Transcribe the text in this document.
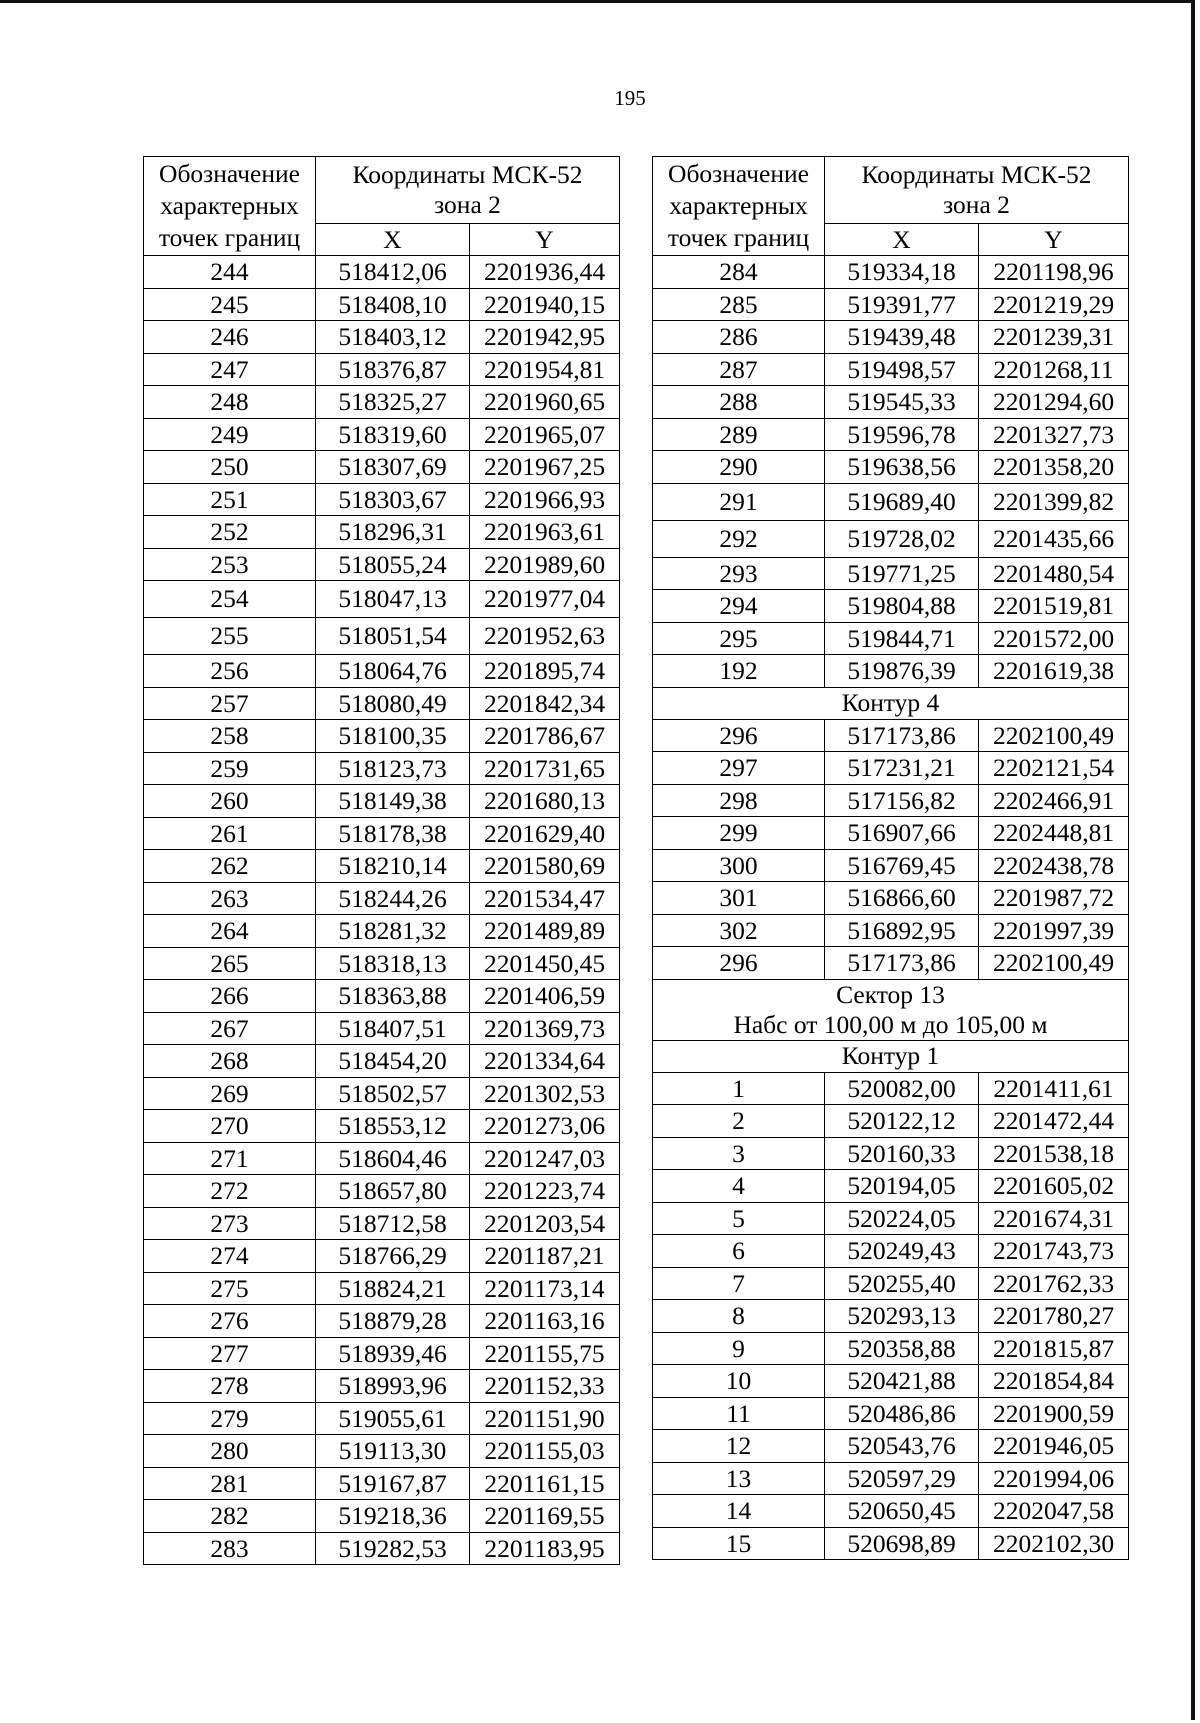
195
Обозначение
характерных
точек границ	Координаты МСК-52
зона 2	

	X	Y
244	518412,06	2201936,44
245	518408,10	2201940,15
246	518403,12	2201942,95
247	518376,87	2201954,81
248	518325,27	2201960,65
249	518319,60	2201965,07
250	518307,69	2201967,25
251	518303,67	2201966,93
252	518296,31	2201963,61
253	518055,24	2201989,60
254	518047,13	2201977,04
255	518051,54	2201952,63
256	518064,76	2201895,74
257	518080,49	2201842,34
258	518100,35	2201786,67
259	518123,73	2201731,65
260	518149,38	2201680,13
261	518178,38	2201629,40
262	518210,14	2201580,69
263	518244,26	2201534,47
264	518281,32	2201489,89
265	518318,13	2201450,45
266	518363,88	2201406,59
267	518407,51	2201369,73
268	518454,20	2201334,64
269	518502,57	2201302,53
270	518553,12	2201273,06
271	518604,46	2201247,03
272	518657,80	2201223,74
273	518712,58	2201203,54
274	518766,29	2201187,21
275	518824,21	2201173,14
276	518879,28	2201163,16
277	518939,46	2201155,75
278	518993,96	2201152,33
279	519055,61	2201151,90
280	519113,30	2201155,03
281	519167,87	2201161,15
282	519218,36	2201169,55
283	519282,53	2201183,95
Обозначение
характерных
точек границ	Координаты МСК-52
зона 2	

	X	Y
284	519334,18	2201198,96
285	519391,77	2201219,29
286	519439,48	2201239,31
287	519498,57	2201268,11
288	519545,33	2201294,60
289	519596,78	2201327,73
290	519638,56	2201358,20
291	519689,40	2201399,82
292	519728,02	2201435,66
293	519771,25	2201480,54
294	519804,88	2201519,81
295	519844,71	2201572,00
192	519876,39	2201619,38
Контур 4		
296	517173,86	2202100,49
297	517231,21	2202121,54
298	517156,82	2202466,91
299	516907,66	2202448,81
300	516769,45	2202438,78
301	516866,60	2201987,72
302	516892,95	2201997,39
296	517173,86	2202100,49

Сектор 13
Набс от 100,00 м до 105,00 м		

Контур 1		
1	520082,00	2201411,61
2	520122,12	2201472,44
3	520160,33	2201538,18
4	520194,05	2201605,02
5	520224,05	2201674,31
6	520249,43	2201743,73
7	520255,40	2201762,33
8	520293,13	2201780,27
9	520358,88	2201815,87
10	520421,88	2201854,84
11	520486,86	2201900,59
12	520543,76	2201946,05
13	520597,29	2201994,06
14	520650,45	2202047,58
15	520698,89	2202102,30
